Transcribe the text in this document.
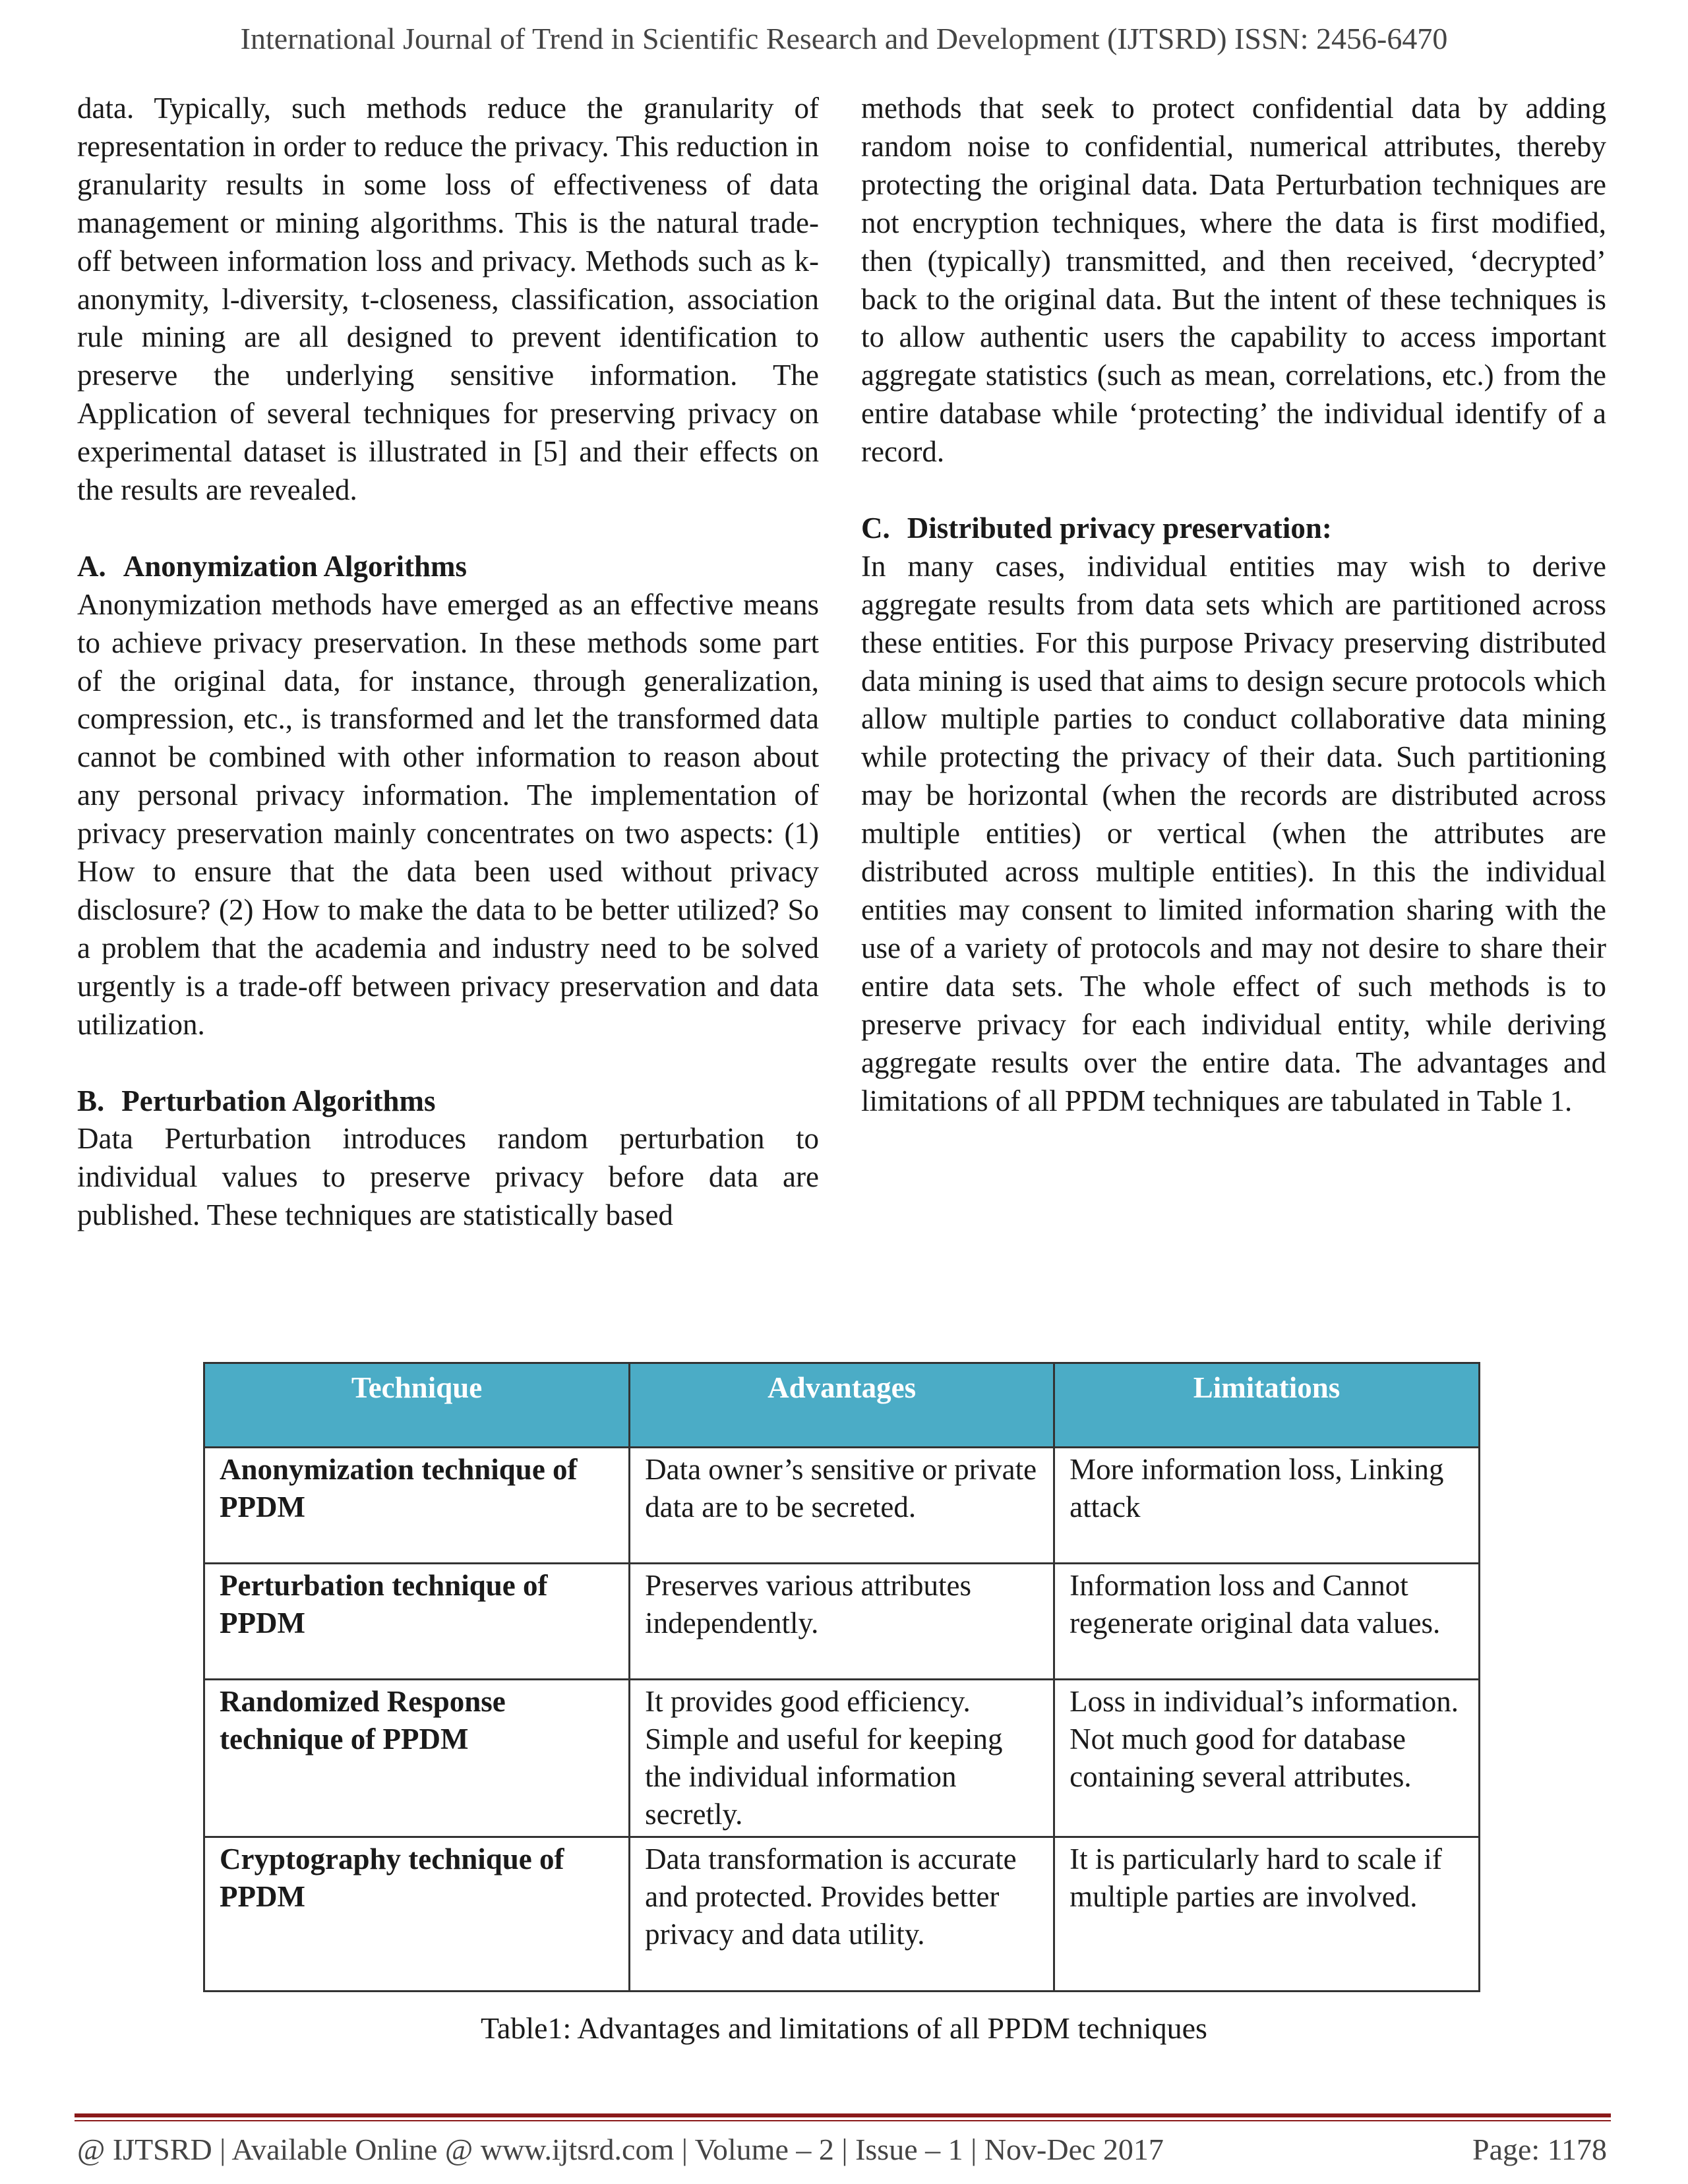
International Journal of Trend in Scientific Research and Development (IJTSRD) ISSN: 2456-6470

data. Typically, such methods reduce the granularity of representation in order to reduce the privacy. This reduction in granularity results in some loss of effectiveness of data management or mining algorithms. This is the natural trade-off between information loss and privacy. Methods such as k-anonymity, l-diversity, t-closeness, classification, association rule mining are all designed to prevent identification to preserve the underlying sensitive information. The Application of several techniques for preserving privacy on experimental dataset is illustrated in [5] and their effects on the results are revealed.

A. Anonymization Algorithms

Anonymization methods have emerged as an effective means to achieve privacy preservation. In these methods some part of the original data, for instance, through generalization, compression, etc., is transformed and let the transformed data cannot be combined with other information to reason about any personal privacy information. The implementation of privacy preservation mainly concentrates on two aspects: (1) How to ensure that the data been used without privacy disclosure? (2) How to make the data to be better utilized? So a problem that the academia and industry need to be solved urgently is a trade-off between privacy preservation and data utilization.

B. Perturbation Algorithms

Data Perturbation introduces random perturbation to individual values to preserve privacy before data are published. These techniques are statistically based

methods that seek to protect confidential data by adding random noise to confidential, numerical attributes, thereby protecting the original data. Data Perturbation techniques are not encryption techniques, where the data is first modified, then (typically) transmitted, and then received, ‘decrypted’ back to the original data. But the intent of these techniques is to allow authentic users the capability to access important aggregate statistics (such as mean, correlations, etc.) from the entire database while ‘protecting’ the individual identify of a record.

C. Distributed privacy preservation:

In many cases, individual entities may wish to derive aggregate results from data sets which are partitioned across these entities. For this purpose Privacy preserving distributed data mining is used that aims to design secure protocols which allow multiple parties to conduct collaborative data mining while protecting the privacy of their data. Such partitioning may be horizontal (when the records are distributed across multiple entities) or vertical (when the attributes are distributed across multiple entities). In this the individual entities may consent to limited information sharing with the use of a variety of protocols and may not desire to share their entire data sets. The whole effect of such methods is to preserve privacy for each individual entity, while deriving aggregate results over the entire data. The advantages and limitations of all PPDM techniques are tabulated in Table 1.

Technique	Advantages	Limitations
Anonymization technique of PPDM	Data owner’s sensitive or private data are to be secreted.	More information loss, Linking attack
Perturbation technique of PPDM	Preserves various attributes independently.	Information loss and Cannot regenerate original data values.
Randomized Response technique of PPDM	It provides good efficiency. Simple and useful for keeping the individual information secretly.	Loss in individual’s information. Not much good for database containing several attributes.
Cryptography technique of PPDM	Data transformation is accurate and protected. Provides better privacy and data utility.	It is particularly hard to scale if multiple parties are involved.
Table1: Advantages and limitations of all PPDM techniques
@ IJTSRD | Available Online @ www.ijtsrd.com | Volume – 2 | Issue – 1 | Nov-Dec 2017	Page: 1178
